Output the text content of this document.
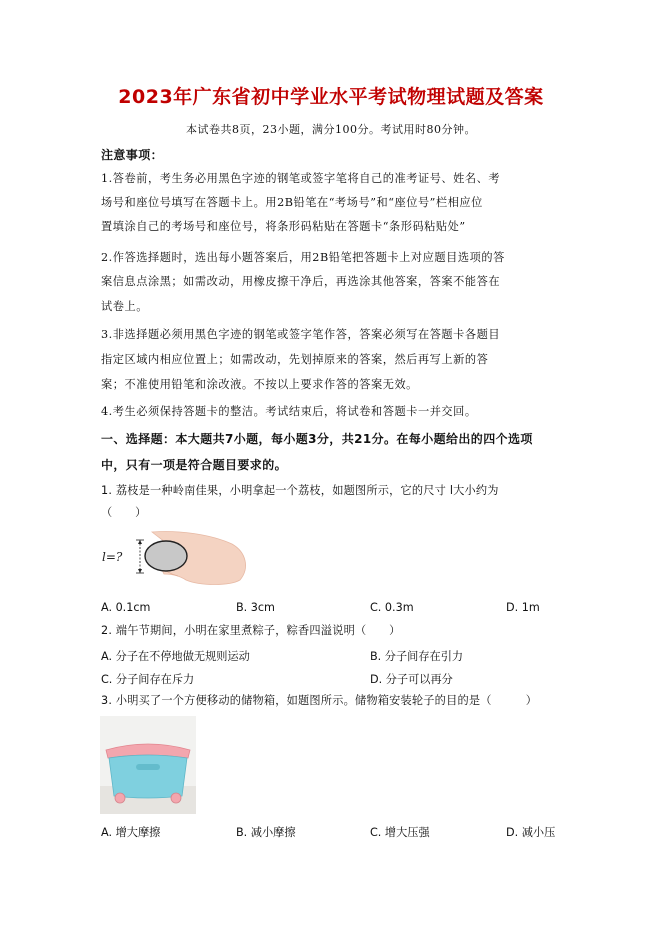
2023年广东省初中学业水平考试物理试题及答案
本试卷共8页，23小题，满分100分。考试用时80分钟。
注意事项：
1.答卷前，考生务必用黑色字迹的钢笔或签字笔将自己的准考证号、姓名、考
场号和座位号填写在答题卡上。用2B铅笔在“考场号”和“座位号”栏相应位
置填涂自己的考场号和座位号，将条形码粘贴在答题卡“条形码粘贴处”
2.作答选择题时，选出每小题答案后，用2B铅笔把答题卡上对应题目选项的答
案信息点涂黑；如需改动，用橡皮擦干净后，再选涂其他答案，答案不能答在
试卷上。
3.非选择题必须用黑色字迹的钢笔或签字笔作答，答案必须写在答题卡各题目
指定区域内相应位置上；如需改动，先划掉原来的答案，然后再写上新的答
案；不准使用铅笔和涂改液。不按以上要求作答的答案无效。
4.考生必须保持答题卡的整洁。考试结束后，将试卷和答题卡一并交回。
一、选择题：本大题共7小题，每小题3分，共21分。在每小题给出的四个选项
中，只有一项是符合题目要求的。
1. 荔枝是一种岭南佳果，小明拿起一个荔枝，如题图所示，它的尺寸 l大小约为
（　　）
l=?
A. 0.1cm	B. 3cm	C. 0.3m	D. 1m
2. 端午节期间，小明在家里煮粽子，粽香四溢说明（　　）
A. 分子在不停地做无规则运动	B. 分子间存在引力
C. 分子间存在斥力	D. 分子可以再分
3. 小明买了一个方便移动的储物箱，如题图所示。储物箱安装轮子的目的是（　　　）
A. 增大摩擦	B. 减小摩擦	C. 增大压强	D. 减小压
